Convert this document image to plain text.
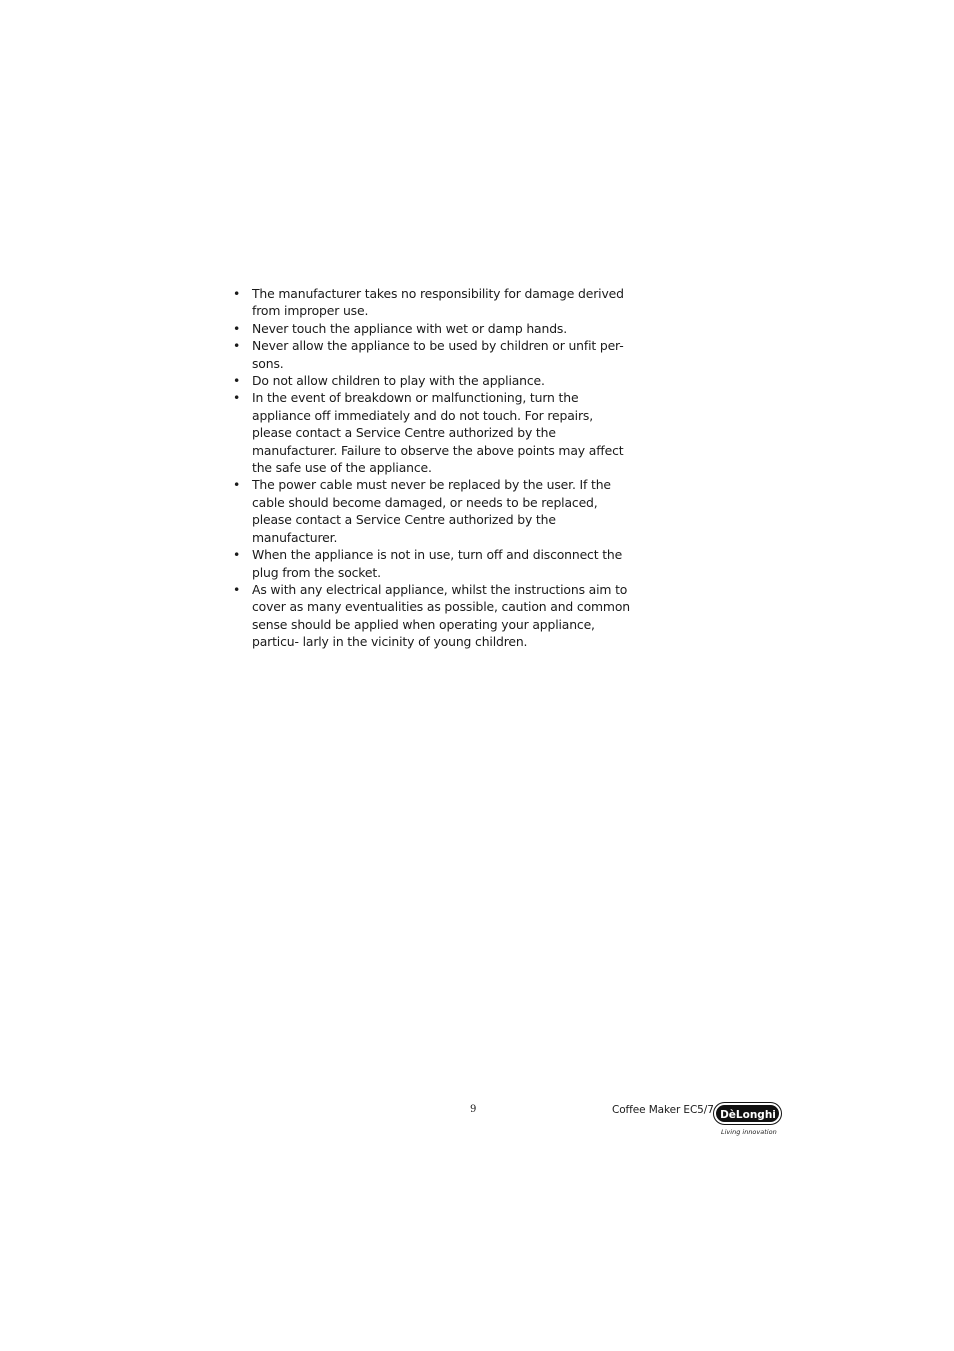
• The manufacturer takes no responsibility for damage derived from improper use.
• Never touch the appliance with wet or damp hands.
• Never allow the appliance to be used by children or unfit per- sons.
• Do not allow children to play with the appliance.
• In the event of breakdown or malfunctioning, turn the appliance off immediately and do not touch. For repairs, please contact a Service Centre authorized by the manufacturer. Failure to observe the above points may affect the safe use of the appliance.
• The power cable must never be replaced by the user. If the cable should become damaged, or needs to be replaced, please contact a Service Centre authorized by the manufacturer.
• When the appliance is not in use, turn off and disconnect the plug from the socket.
• As with any electrical appliance, whilst the instructions aim to cover as many eventualities as possible, caution and common sense should be applied when operating your appliance, particu- larly in the vicinity of young children.
9	Coffee Maker EC5/7 DèLonghi
Living innovation
